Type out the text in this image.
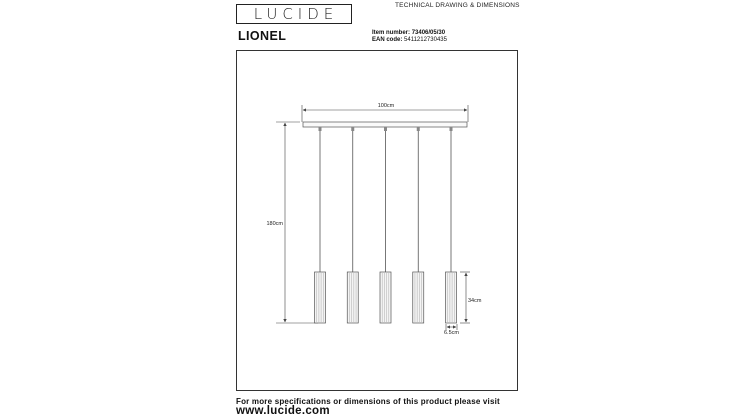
LUCIDE	TECHNICAL DRAWING & DIMENSIONS
LIONEL	Item number: 73406/05/30
EAN code: 5411212730435
100cm
180cm
34cm
6.5cm
For more specifications or dimensions of this product please visit
www.lucide.com
